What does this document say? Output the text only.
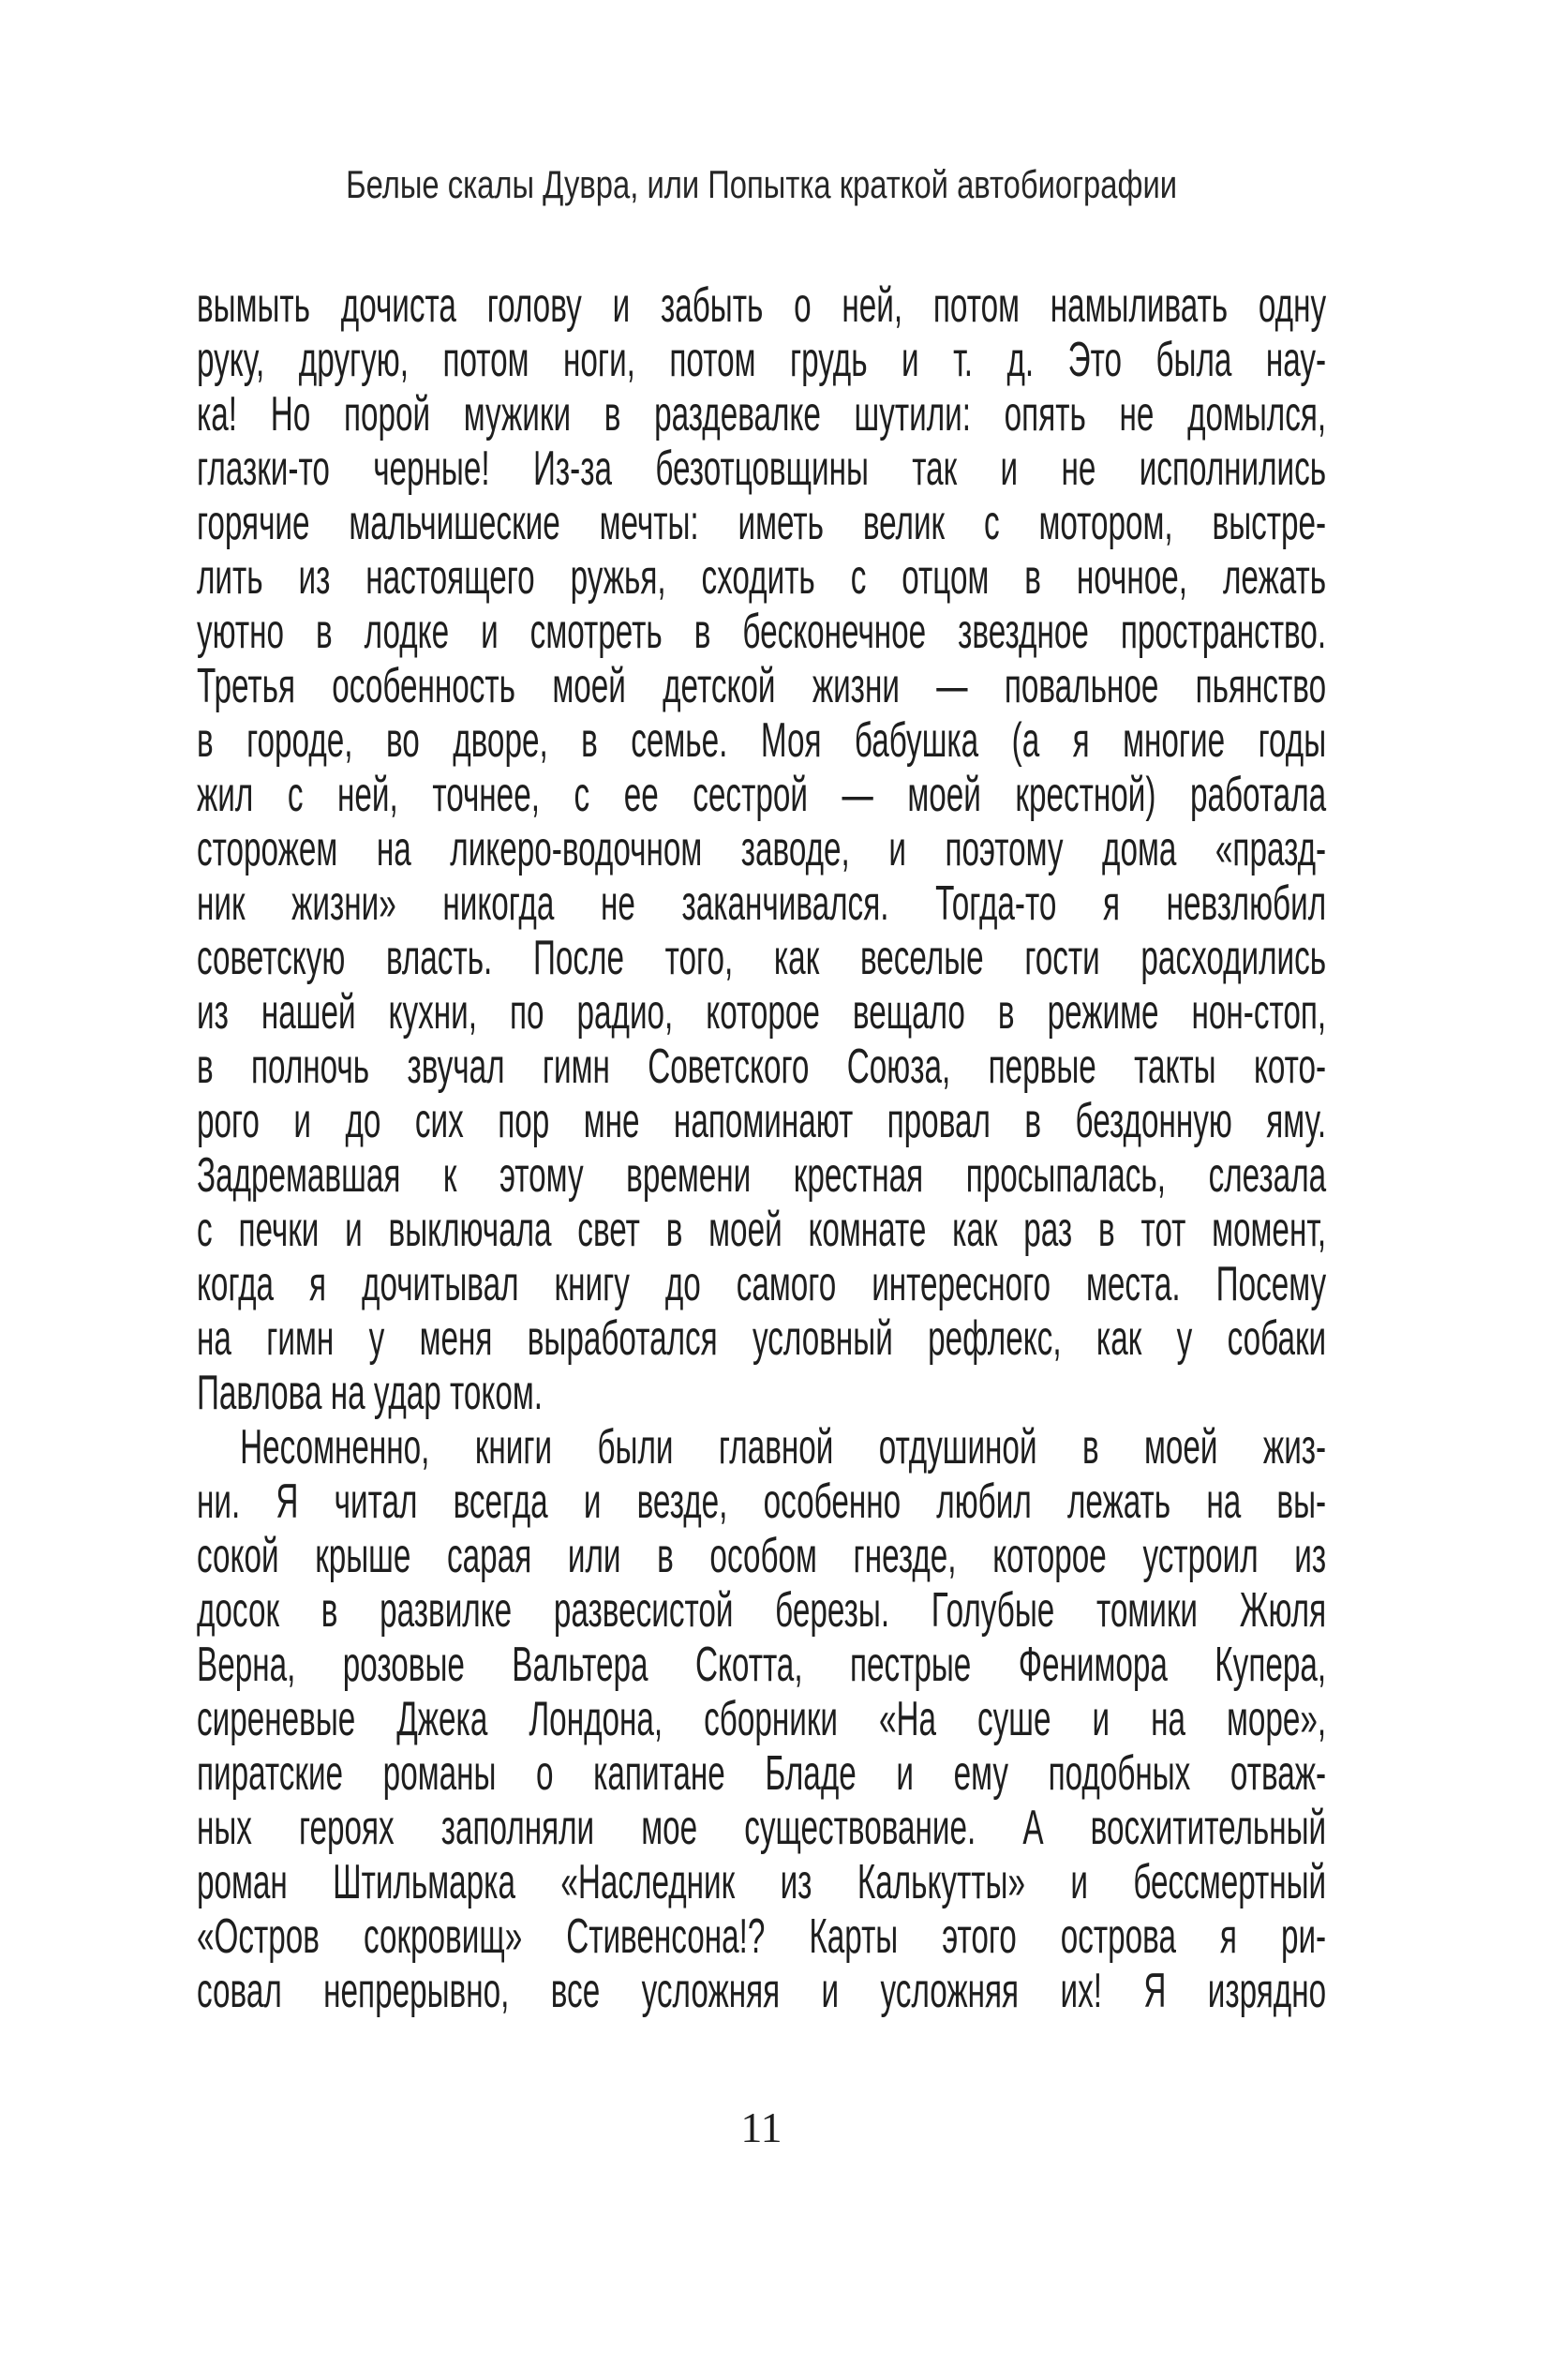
Белые скалы Дувра, или Попытка краткой автобиографии
вымыть дочиста голову и забыть о ней, потом намыливать одну
руку, другую, потом ноги, потом грудь и т. д. Это была нау-
ка! Но порой мужики в раздевалке шутили: опять не домылся,
глазки-то черные! Из-за безотцовщины так и не исполнились
горячие мальчишеские мечты: иметь велик с мотором, выстре-
лить из настоящего ружья, сходить с отцом в ночное, лежать
уютно в лодке и смотреть в бесконечное звездное пространство.
Третья особенность моей детской жизни — повальное пьянство
в городе, во дворе, в семье. Моя бабушка (а я многие годы
жил с ней, точнее, с ее сестрой — моей крестной) работала
сторожем на ликеро-водочном заводе, и поэтому дома «празд-
ник жизни» никогда не заканчивался. Тогда-то я невзлюбил
советскую власть. После того, как веселые гости расходились
из нашей кухни, по радио, которое вещало в режиме нон-стоп,
в полночь звучал гимн Советского Союза, первые такты кото-
рого и до сих пор мне напоминают провал в бездонную яму.
Задремавшая к этому времени крестная просыпалась, слезала
с печки и выключала свет в моей комнате как раз в тот момент,
когда я дочитывал книгу до самого интересного места. Посему
на гимн у меня выработался условный рефлекс, как у собаки
Павлова на удар током.
Несомненно, книги были главной отдушиной в моей жиз-
ни. Я читал всегда и везде, особенно любил лежать на вы-
сокой крыше сарая или в особом гнезде, которое устроил из
досок в развилке развесистой березы. Голубые томики Жюля
Верна, розовые Вальтера Скотта, пестрые Фенимора Купера,
сиреневые Джека Лондона, сборники «На суше и на море»,
пиратские романы о капитане Бладе и ему подобных отваж-
ных героях заполняли мое существование. А восхитительный
роман Штильмарка «Наследник из Калькутты» и бессмертный
«Остров сокровищ» Стивенсона!? Карты этого острова я ри-
совал непрерывно, все усложняя и усложняя их! Я изрядно
11
